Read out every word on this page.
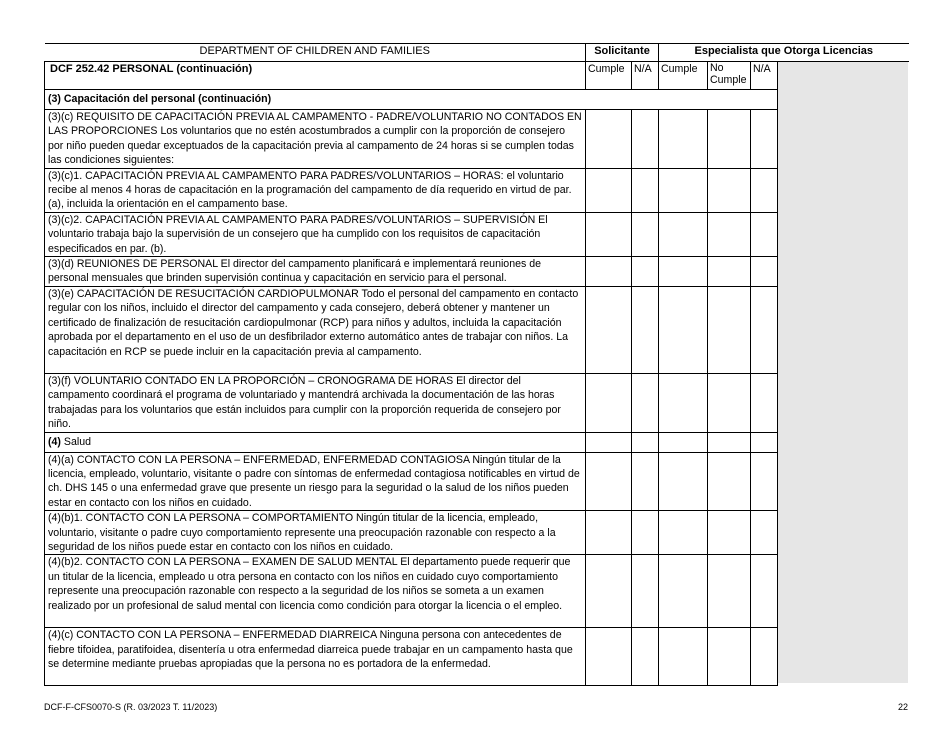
DEPARTMENT OF CHILDREN AND FAMILIES	Solicitante		Especialista que Otorga Licencias			
DCF 252.42 PERSONAL (continuación)	Cumple	N/A	Cumple	No Cumple	N/A	
(3) Capacitación del personal (continuación)						
(3)(c) REQUISITO DE CAPACITACIÓN PREVIA AL CAMPAMENTO - PADRE/VOLUNTARIO NO CONTADOS EN LAS PROPORCIONES Los voluntarios que no estén acostumbrados a cumplir con la proporción de consejero por niño pueden quedar exceptuados de la capacitación previa al campamento de 24 horas si se cumplen todas las condiciones siguientes:						
(3)(c)1. CAPACITACIÓN PREVIA AL CAMPAMENTO PARA PADRES/VOLUNTARIOS – HORAS: el voluntario recibe al menos 4 horas de capacitación en la programación del campamento de día requerido en virtud de par. (a), incluida la orientación en el campamento base.						
(3)(c)2. CAPACITACIÓN PREVIA AL CAMPAMENTO PARA PADRES/VOLUNTARIOS – SUPERVISIÓN El voluntario trabaja bajo la supervisión de un consejero que ha cumplido con los requisitos de capacitación especificados en par. (b).						
(3)(d) REUNIONES DE PERSONAL El director del campamento planificará e implementará reuniones de personal mensuales que brinden supervisión continua y capacitación en servicio para el personal.						
(3)(e) CAPACITACIÓN DE RESUCITACIÓN CARDIOPULMONAR Todo el personal del campamento en contacto regular con los niños, incluido el director del campamento y cada consejero, deberá obtener y mantener un certificado de finalización de resucitación cardiopulmonar (RCP) para niños y adultos, incluida la capacitación aprobada por el departamento en el uso de un desfibrilador externo automático antes de trabajar con niños. La capacitación en RCP se puede incluir en la capacitación previa al campamento.						
(3)(f) VOLUNTARIO CONTADO EN LA PROPORCIÓN – CRONOGRAMA DE HORAS El director del campamento coordinará el programa de voluntariado y mantendrá archivada la documentación de las horas trabajadas para los voluntarios que están incluidos para cumplir con la proporción requerida de consejero por niño.						
(4) Salud						
(4)(a) CONTACTO CON LA PERSONA – ENFERMEDAD, ENFERMEDAD CONTAGIOSA Ningún titular de la licencia, empleado, voluntario, visitante o padre con síntomas de enfermedad contagiosa notificables en virtud de ch. DHS 145 o una enfermedad grave que presente un riesgo para la seguridad o la salud de los niños pueden estar en contacto con los niños en cuidado.						
(4)(b)1. CONTACTO CON LA PERSONA – COMPORTAMIENTO Ningún titular de la licencia, empleado, voluntario, visitante o padre cuyo comportamiento represente una preocupación razonable con respecto a la seguridad de los niños puede estar en contacto con los niños en cuidado.						
(4)(b)2. CONTACTO CON LA PERSONA – EXAMEN DE SALUD MENTAL El departamento puede requerir que un titular de la licencia, empleado u otra persona en contacto con los niños en cuidado cuyo comportamiento represente una preocupación razonable con respecto a la seguridad de los niños se someta a un examen realizado por un profesional de salud mental con licencia como condición para otorgar la licencia o el empleo.						
(4)(c) CONTACTO CON LA PERSONA – ENFERMEDAD DIARREICA Ninguna persona con antecedentes de fiebre tifoidea, paratifoidea, disentería u otra enfermedad diarreica puede trabajar en un campamento hasta que se determine mediante pruebas apropiadas que la persona no es portadora de la enfermedad.						
DCF-F-CFS0070-S (R. 03/2023 T. 11/2023)	22
